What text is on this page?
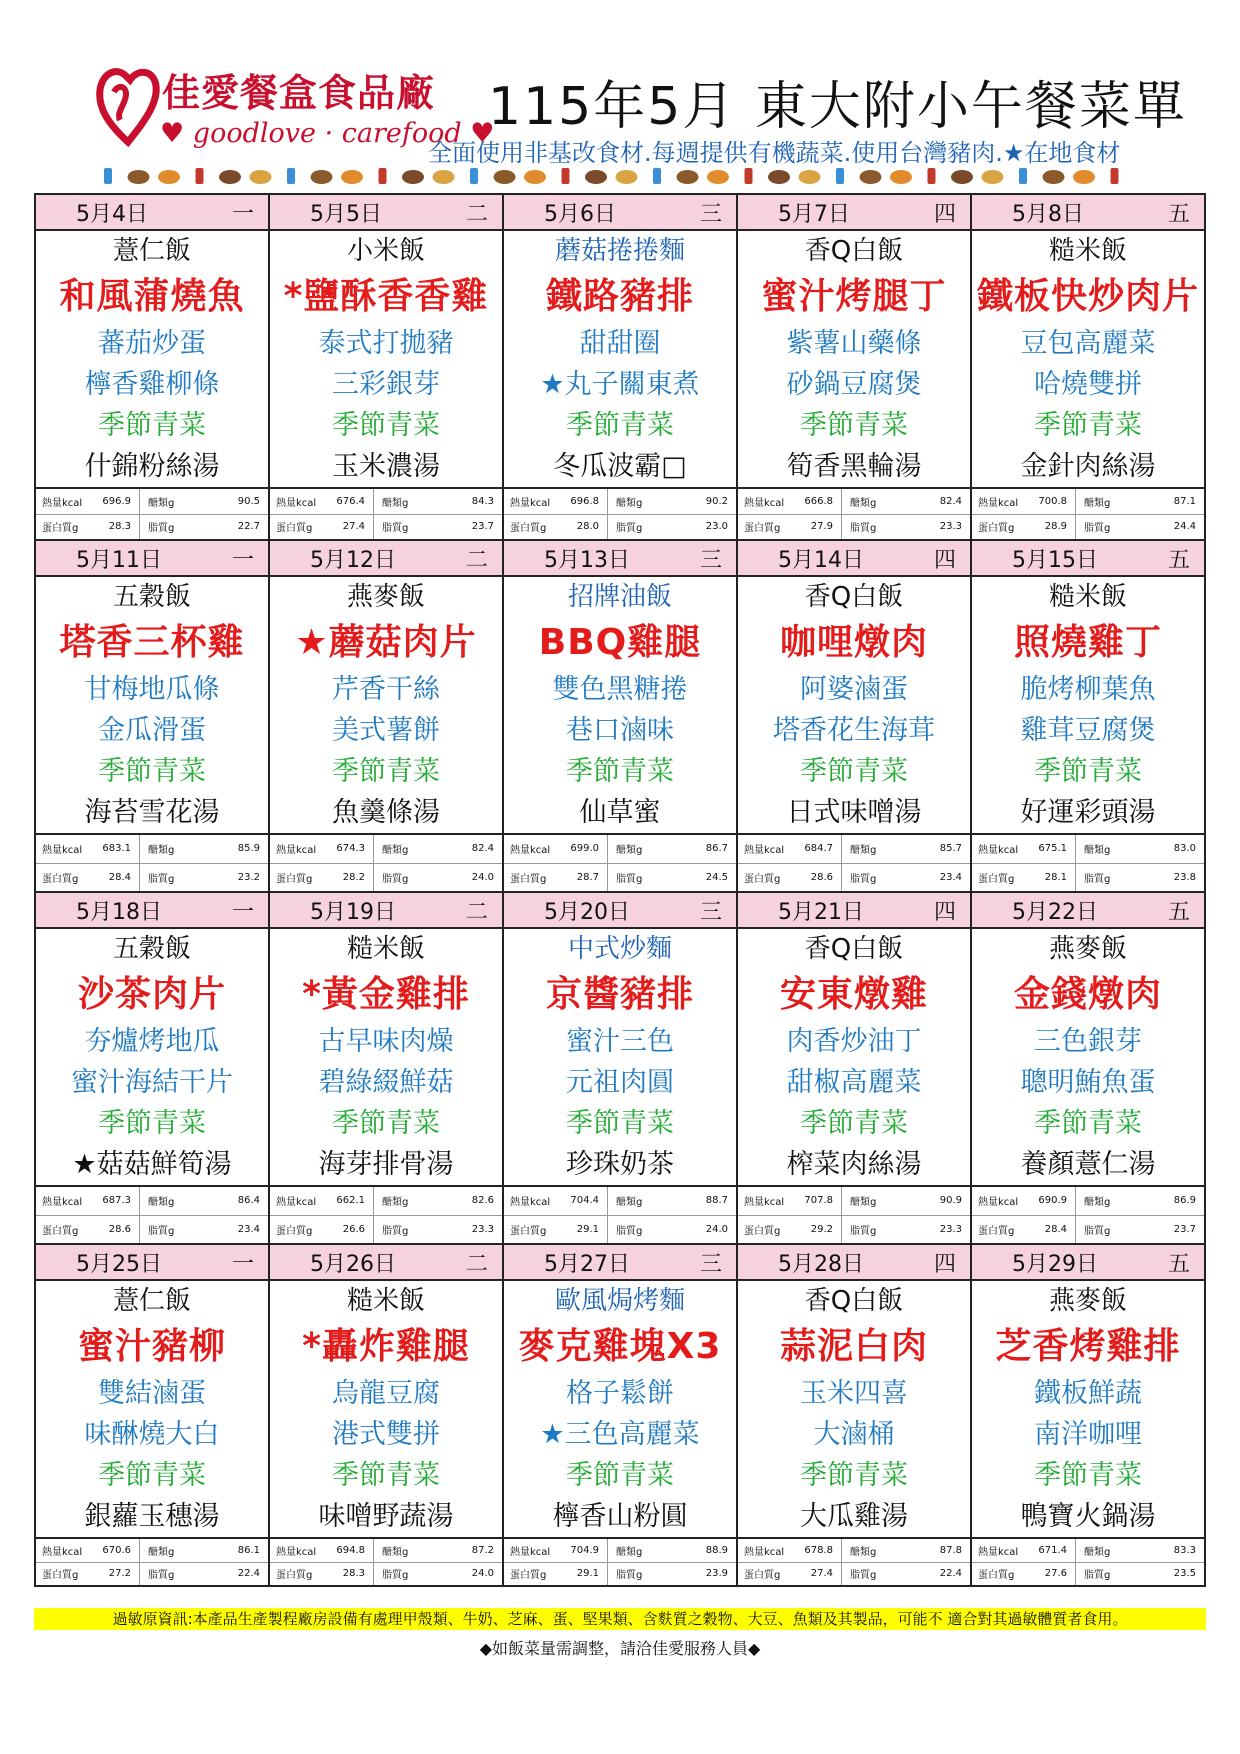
佳愛餐盒食品廠
♥ goodlove · carefood ♥
115年5月 東大附小午餐菜單
全面使用非基改食材.每週提供有機蔬菜.使用台灣豬肉.★在地食材
5月4日	一	5月5日	二	5月6日	三	5月7日	四	5月8日	五
薏仁飯
和風蒲燒魚
蕃茄炒蛋
檸香雞柳條
季節青菜
什錦粉絲湯
小米飯
*鹽酥香香雞
泰式打拋豬
三彩銀芽
季節青菜
玉米濃湯
蘑菇捲捲麵
鐵路豬排
甜甜圈
★丸子關東煮
季節青菜
冬瓜波霸□
香Q白飯
蜜汁烤腿丁
紫薯山藥條
砂鍋豆腐煲
季節青菜
筍香黑輪湯
糙米飯
鐵板快炒肉片
豆包高麗菜
哈燒雙拼
季節青菜
金針肉絲湯
熱量kcal	696.9	醣類g	90.5
蛋白質g	28.3	脂質g	22.7
熱量kcal	676.4	醣類g	84.3
蛋白質g	27.4	脂質g	23.7
熱量kcal	696.8	醣類g	90.2
蛋白質g	28.0	脂質g	23.0
熱量kcal	666.8	醣類g	82.4
蛋白質g	27.9	脂質g	23.3
熱量kcal	700.8	醣類g	87.1
蛋白質g	28.9	脂質g	24.4
5月11日	一	5月12日	二	5月13日	三	5月14日	四	5月15日	五
五穀飯
塔香三杯雞
甘梅地瓜條
金瓜滑蛋
季節青菜
海苔雪花湯
燕麥飯
★蘑菇肉片
芹香干絲
美式薯餅
季節青菜
魚羹條湯
招牌油飯
BBQ雞腿
雙色黑糖捲
巷口滷味
季節青菜
仙草蜜
香Q白飯
咖哩燉肉
阿婆滷蛋
塔香花生海茸
季節青菜
日式味噌湯
糙米飯
照燒雞丁
脆烤柳葉魚
雞茸豆腐煲
季節青菜
好運彩頭湯
熱量kcal	683.1	醣類g	85.9
蛋白質g	28.4	脂質g	23.2
熱量kcal	674.3	醣類g	82.4
蛋白質g	28.2	脂質g	24.0
熱量kcal	699.0	醣類g	86.7
蛋白質g	28.7	脂質g	24.5
熱量kcal	684.7	醣類g	85.7
蛋白質g	28.6	脂質g	23.4
熱量kcal	675.1	醣類g	83.0
蛋白質g	28.1	脂質g	23.8
5月18日	一	5月19日	二	5月20日	三	5月21日	四	5月22日	五
五穀飯
沙茶肉片
夯爐烤地瓜
蜜汁海結干片
季節青菜
★菇菇鮮筍湯
糙米飯
*黃金雞排
古早味肉燥
碧綠綴鮮菇
季節青菜
海芽排骨湯
中式炒麵
京醬豬排
蜜汁三色
元祖肉圓
季節青菜
珍珠奶茶
香Q白飯
安東燉雞
肉香炒油丁
甜椒高麗菜
季節青菜
榨菜肉絲湯
燕麥飯
金錢燉肉
三色銀芽
聰明鮪魚蛋
季節青菜
養顏薏仁湯
熱量kcal	687.3	醣類g	86.4
蛋白質g	28.6	脂質g	23.4
熱量kcal	662.1	醣類g	82.6
蛋白質g	26.6	脂質g	23.3
熱量kcal	704.4	醣類g	88.7
蛋白質g	29.1	脂質g	24.0
熱量kcal	707.8	醣類g	90.9
蛋白質g	29.2	脂質g	23.3
熱量kcal	690.9	醣類g	86.9
蛋白質g	28.4	脂質g	23.7
5月25日	一	5月26日	二	5月27日	三	5月28日	四	5月29日	五
薏仁飯
蜜汁豬柳
雙結滷蛋
味醂燒大白
季節青菜
銀蘿玉穗湯
糙米飯
*轟炸雞腿
烏龍豆腐
港式雙拼
季節青菜
味噌野蔬湯
歐風焗烤麵
麥克雞塊X3
格子鬆餅
★三色高麗菜
季節青菜
檸香山粉圓
香Q白飯
蒜泥白肉
玉米四喜
大滷桶
季節青菜
大瓜雞湯
燕麥飯
芝香烤雞排
鐵板鮮蔬
南洋咖哩
季節青菜
鴨寶火鍋湯
熱量kcal	670.6	醣類g	86.1
蛋白質g	27.2	脂質g	22.4
熱量kcal	694.8	醣類g	87.2
蛋白質g	28.3	脂質g	24.0
熱量kcal	704.9	醣類g	88.9
蛋白質g	29.1	脂質g	23.9
熱量kcal	678.8	醣類g	87.8
蛋白質g	27.4	脂質g	22.4
熱量kcal	671.4	醣類g	83.3
蛋白質g	27.6	脂質g	23.5
過敏原資訊:本產品生產製程廠房設備有處理甲殼類、牛奶、芝麻、蛋、堅果類、含麩質之穀物、大豆、魚類及其製品，可能不 適合對其過敏體質者食用。
◆如飯菜量需調整，請洽佳愛服務人員◆
